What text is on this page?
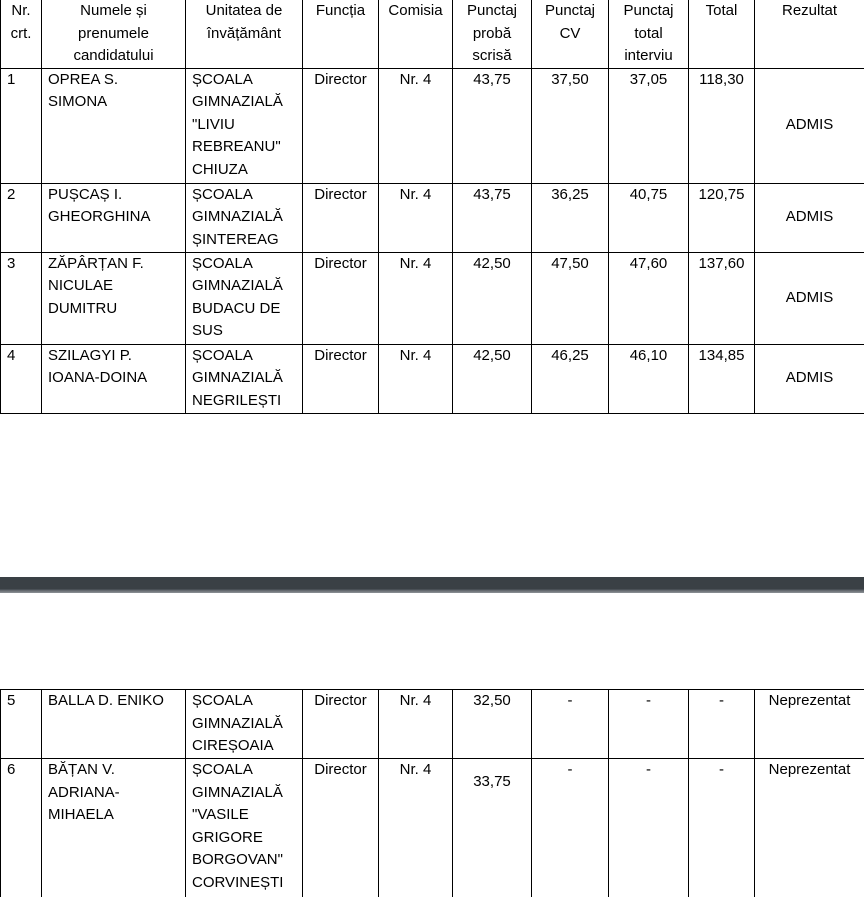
Nr. crt.	Numele și prenumele candidatului	Unitatea de învățământ	Funcția	Comisia	Punctaj probă scrisă	Punctaj CV	Punctaj total interviu	Total	Rezultat
1	OPREA S. SIMONA	ȘCOALA GIMNAZIALĂ "LIVIU REBREANU" CHIUZA	Director	Nr. 4	43,75	37,50	37,05	118,30	ADMIS
2	PUȘCAȘ I. GHEORGHINA	ȘCOALA GIMNAZIALĂ ȘINTEREAG	Director	Nr. 4	43,75	36,25	40,75	120,75	ADMIS
3	ZĂPÂRȚAN F. NICULAE DUMITRU	ȘCOALA GIMNAZIALĂ BUDACU DE SUS	Director	Nr. 4	42,50	47,50	47,60	137,60	ADMIS
4	SZILAGYI P. IOANA-DOINA	ȘCOALA GIMNAZIALĂ NEGRILEȘTI	Director	Nr. 4	42,50	46,25	46,10	134,85	ADMIS
5	BALLA D. ENIKO	ȘCOALA GIMNAZIALĂ CIREȘOAIA	Director	Nr. 4	32,50	-	-	-	Neprezentat
6	BĂȚAN V. ADRIANA-MIHAELA	ȘCOALA GIMNAZIALĂ "VASILE GRIGORE BORGOVAN" CORVINEȘTI	Director	Nr. 4	33,75	-	-	-	Neprezentat
